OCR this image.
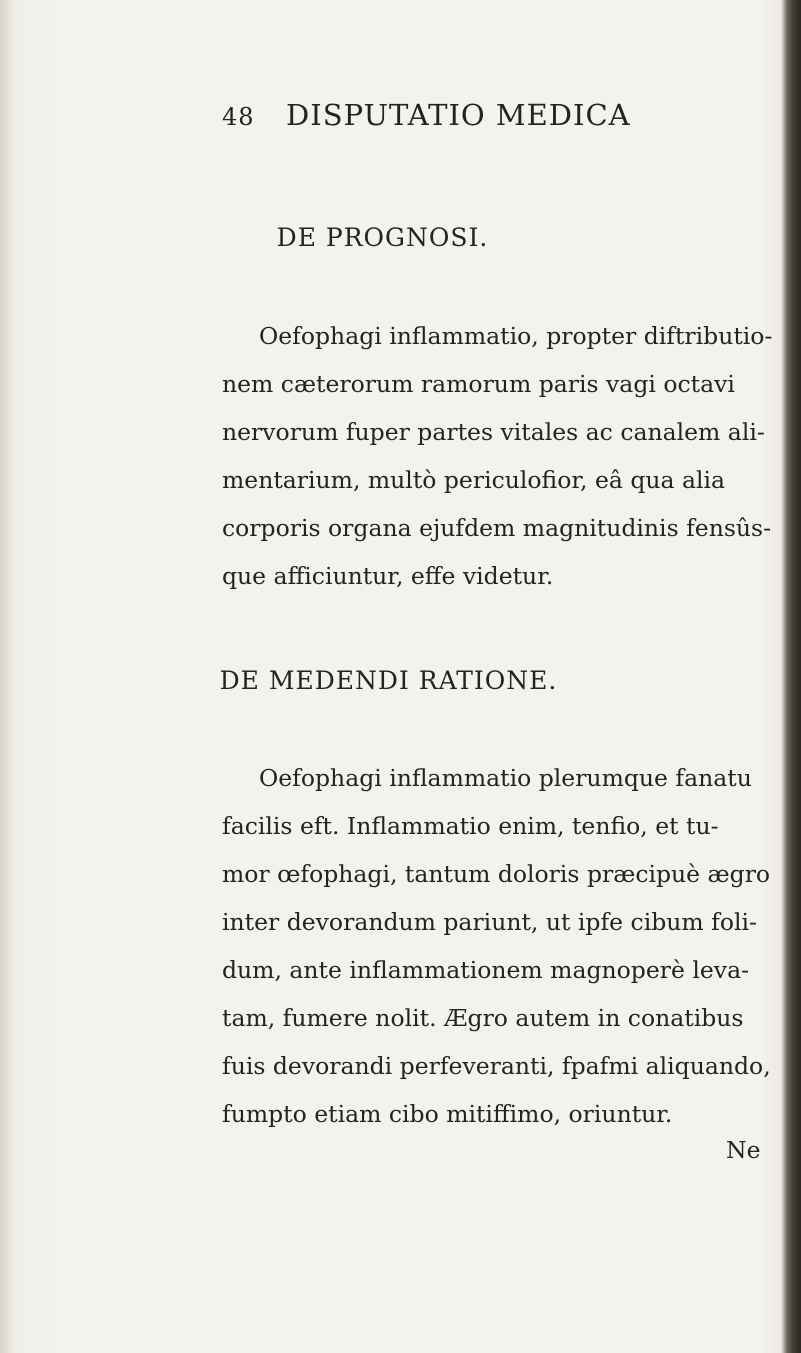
48 DISPUTATIO MEDICA
DE PROGNOSI.
Oefophagi inflammatio, propter diftributio-
nem cæterorum ramorum paris vagi octavi
nervorum fuper partes vitales ac canalem ali-
mentarium, multò periculofior, eâ qua alia
corporis organa ejufdem magnitudinis fensûs-
que afficiuntur, effe videtur.
DE MEDENDI RATIONE.
Oefophagi inflammatio plerumque fanatu
facilis eft. Inflammatio enim, tenfio, et tu-
mor œfophagi, tantum doloris præcipuè ægro
inter devorandum pariunt, ut ipfe cibum foli-
dum, ante inflammationem magnoperè leva-
tam, fumere nolit. Ægro autem in conatibus
fuis devorandi perfeveranti, fpafmi aliquando,
fumpto etiam cibo mitiffimo, oriuntur.
Ne
